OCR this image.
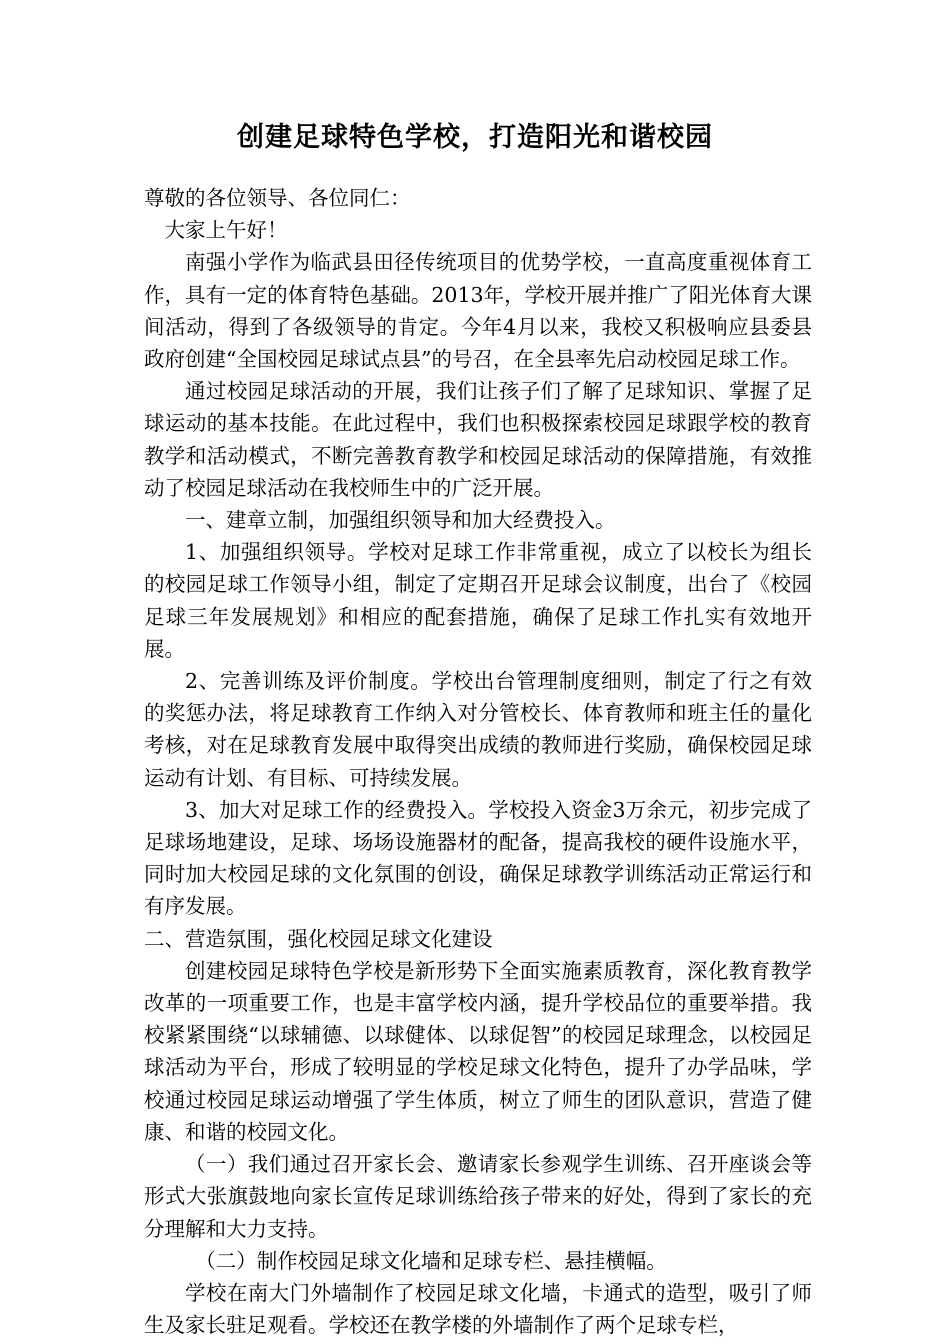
创建足球特色学校，打造阳光和谐校园

尊敬的各位领导、各位同仁：

大家上午好！

南强小学作为临武县田径传统项目的优势学校，一直高度重视体育工作，具有一定的体育特色基础。2013年，学校开展并推广了阳光体育大课间活动，得到了各级领导的肯定。今年4月以来，我校又积极响应县委县政府创建“全国校园足球试点县”的号召，在全县率先启动校园足球工作。

通过校园足球活动的开展，我们让孩子们了解了足球知识、掌握了足球运动的基本技能。在此过程中，我们也积极探索校园足球跟学校的教育教学和活动模式，不断完善教育教学和校园足球活动的保障措施，有效推动了校园足球活动在我校师生中的广泛开展。

一、建章立制，加强组织领导和加大经费投入。

1、加强组织领导。学校对足球工作非常重视，成立了以校长为组长的校园足球工作领导小组，制定了定期召开足球会议制度，出台了《校园足球三年发展规划》和相应的配套措施，确保了足球工作扎实有效地开展。

2、完善训练及评价制度。学校出台管理制度细则，制定了行之有效的奖惩办法，将足球教育工作纳入对分管校长、体育教师和班主任的量化考核，对在足球教育发展中取得突出成绩的教师进行奖励，确保校园足球运动有计划、有目标、可持续发展。

3、加大对足球工作的经费投入。学校投入资金3万余元，初步完成了足球场地建设，足球、场场设施器材的配备，提高我校的硬件设施水平，同时加大校园足球的文化氛围的创设，确保足球教学训练活动正常运行和有序发展。

二、营造氛围，强化校园足球文化建设

创建校园足球特色学校是新形势下全面实施素质教育，深化教育教学改革的一项重要工作，也是丰富学校内涵，提升学校品位的重要举措。我校紧紧围绕“以球辅德、以球健体、以球促智”的校园足球理念，以校园足球活动为平台，形成了较明显的学校足球文化特色，提升了办学品味，学校通过校园足球运动增强了学生体质，树立了师生的团队意识，营造了健康、和谐的校园文化。

（一）我们通过召开家长会、邀请家长参观学生训练、召开座谈会等形式大张旗鼓地向家长宣传足球训练给孩子带来的好处，得到了家长的充分理解和大力支持。

（二）制作校园足球文化墙和足球专栏、悬挂横幅。

学校在南大门外墙制作了校园足球文化墙，卡通式的造型，吸引了师生及家长驻足观看。学校还在教学楼的外墙制作了两个足球专栏，
